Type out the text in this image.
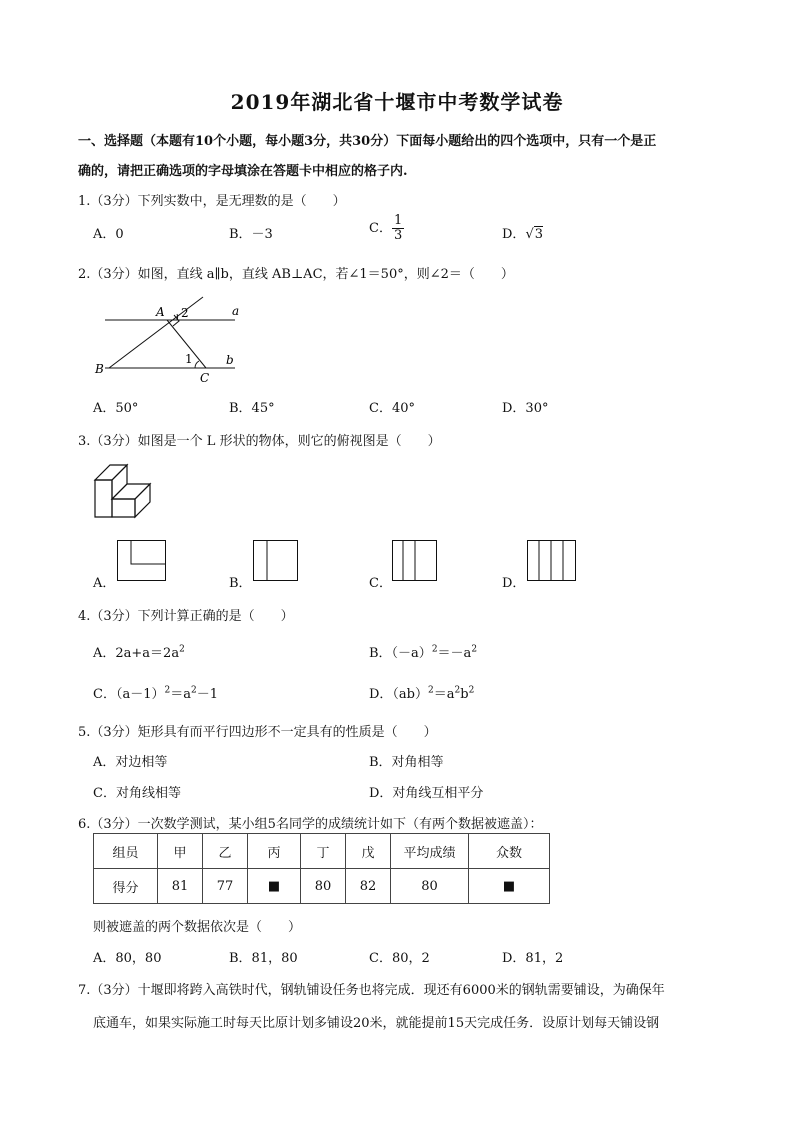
2019年湖北省十堰市中考数学试卷
一、选择题（本题有10个小题，每小题3分，共30分）下面每小题给出的四个选项中，只有一个是正
确的，请把正确选项的字母填涂在答题卡中相应的格子内.
1.（3分）下列实数中，是无理数的是（　　）
A．0	B．－3	C． $\frac{1}{3}$	D．√3
2.（3分）如图，直线 a∥b，直线 AB⊥AC，若∠1＝50°，则∠2＝（　　）
A 2	a
1	b
B
C
A．50°	B．45°	C．40°	D．30°
3.（3分）如图是一个 L 形状的物体，则它的俯视图是（　　）
A．	B．	C．	D．
4.（3分）下列计算正确的是（　　）
A．$2a+a=2a^2$	B．$(-a)^2=-a^2$
C．$(a-1)^2=a^2-1$	D．$(ab)^2=a^2b^2$
5.（3分）矩形具有而平行四边形不一定具有的性质是（　　）
A．对边相等	B．对角相等
C．对角线相等	D．对角线互相平分
6.（3分）一次数学测试，某小组5名同学的成绩统计如下（有两个数据被遮盖）：
组员	甲	乙	丙	丁	戊	平均成绩	众数
得分	81	77	■	80	82	80	■
则被遮盖的两个数据依次是（　　）
A．80，80	B．81，80	C．80，2	D．81，2
7.（3分）十堰即将跨入高铁时代，钢轨铺设任务也将完成．现还有6000米的钢轨需要铺设，为确保年
底通车，如果实际施工时每天比原计划多铺设20米，就能提前15天完成任务．设原计划每天铺设钢
